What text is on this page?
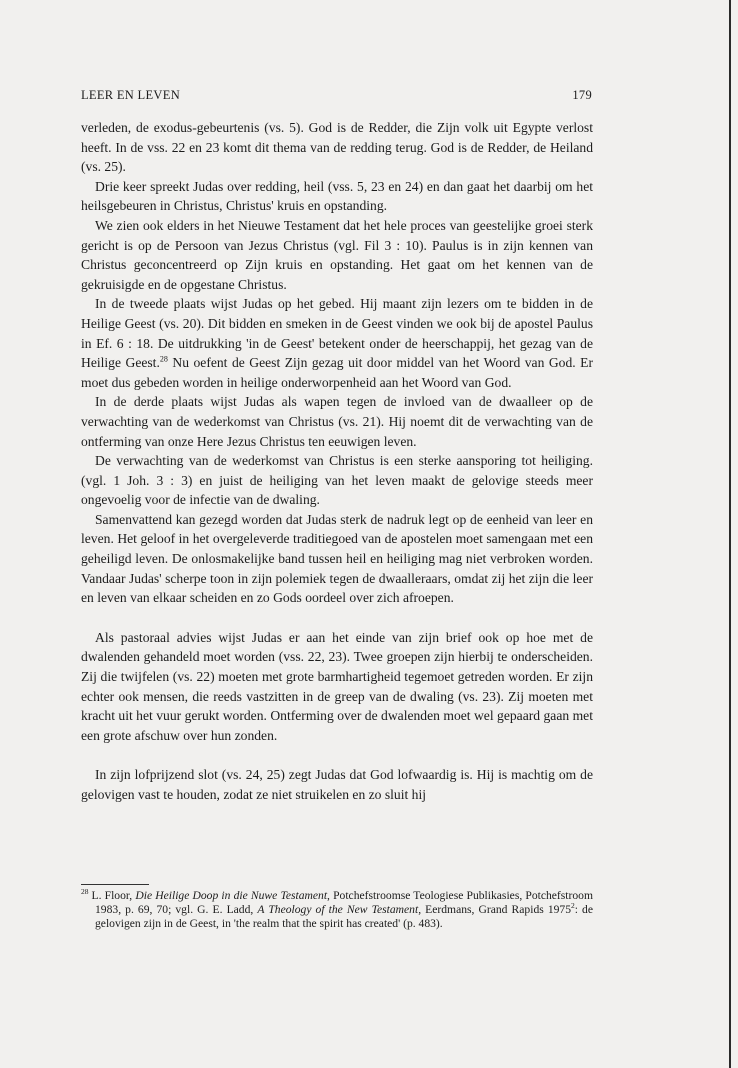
LEER EN LEVEN	179

verleden, de exodus-gebeurtenis (vs. 5). God is de Redder, die Zijn volk uit Egypte verlost heeft. In de vss. 22 en 23 komt dit thema van de redding terug. God is de Redder, de Heiland (vs. 25).

Drie keer spreekt Judas over redding, heil (vss. 5, 23 en 24) en dan gaat het daarbij om het heilsgebeuren in Christus, Christus' kruis en opstanding.

We zien ook elders in het Nieuwe Testament dat het hele proces van geestelijke groei sterk gericht is op de Persoon van Jezus Christus (vgl. Fil 3 : 10). Paulus is in zijn kennen van Christus geconcentreerd op Zijn kruis en opstanding. Het gaat om het kennen van de gekruisigde en de opgestane Christus.

In de tweede plaats wijst Judas op het gebed. Hij maant zijn lezers om te bidden in de Heilige Geest (vs. 20). Dit bidden en smeken in de Geest vinden we ook bij de apostel Paulus in Ef. 6 : 18. De uitdrukking 'in de Geest' betekent onder de heerschappij, het gezag van de Heilige Geest.$^{28}$ Nu oefent de Geest Zijn gezag uit door middel van het Woord van God. Er moet dus gebeden worden in heilige onderworpenheid aan het Woord van God.

In de derde plaats wijst Judas als wapen tegen de invloed van de dwaalleer op de verwachting van de wederkomst van Christus (vs. 21). Hij noemt dit de verwachting van de ontferming van onze Here Jezus Christus ten eeuwigen leven.

De verwachting van de wederkomst van Christus is een sterke aansporing tot heiliging. (vgl. 1 Joh. 3 : 3) en juist de heiliging van het leven maakt de gelovige steeds meer ongevoelig voor de infectie van de dwaling.

Samenvattend kan gezegd worden dat Judas sterk de nadruk legt op de eenheid van leer en leven. Het geloof in het overgeleverde traditiegoed van de apostelen moet samengaan met een geheiligd leven. De onlosmakelijke band tussen heil en heiliging mag niet verbroken worden. Vandaar Judas' scherpe toon in zijn polemiek tegen de dwaalleraars, omdat zij het zijn die leer en leven van elkaar scheiden en zo Gods oordeel over zich afroepen.

Als pastoraal advies wijst Judas er aan het einde van zijn brief ook op hoe met de dwalenden gehandeld moet worden (vss. 22, 23). Twee groepen zijn hierbij te onderscheiden. Zij die twijfelen (vs. 22) moeten met grote barmhartigheid tegemoet getreden worden. Er zijn echter ook mensen, die reeds vastzitten in de greep van de dwaling (vs. 23). Zij moeten met kracht uit het vuur gerukt worden. Ontferming over de dwalenden moet wel gepaard gaan met een grote afschuw over hun zonden.

In zijn lofprijzend slot (vs. 24, 25) zegt Judas dat God lofwaardig is. Hij is machtig om de gelovigen vast te houden, zodat ze niet struikelen en zo sluit hij

$^{28}$ L. Floor, Die Heilige Doop in die Nuwe Testament, Potchefstroomse Teologiese Publikasies, Potchefstroom 1983, p. 69, 70; vgl. G. E. Ladd, A Theology of the New Testament, Eerdmans, Grand Rapids 1975$^2$: de gelovigen zijn in de Geest, in 'the realm that the spirit has created' (p. 483).
